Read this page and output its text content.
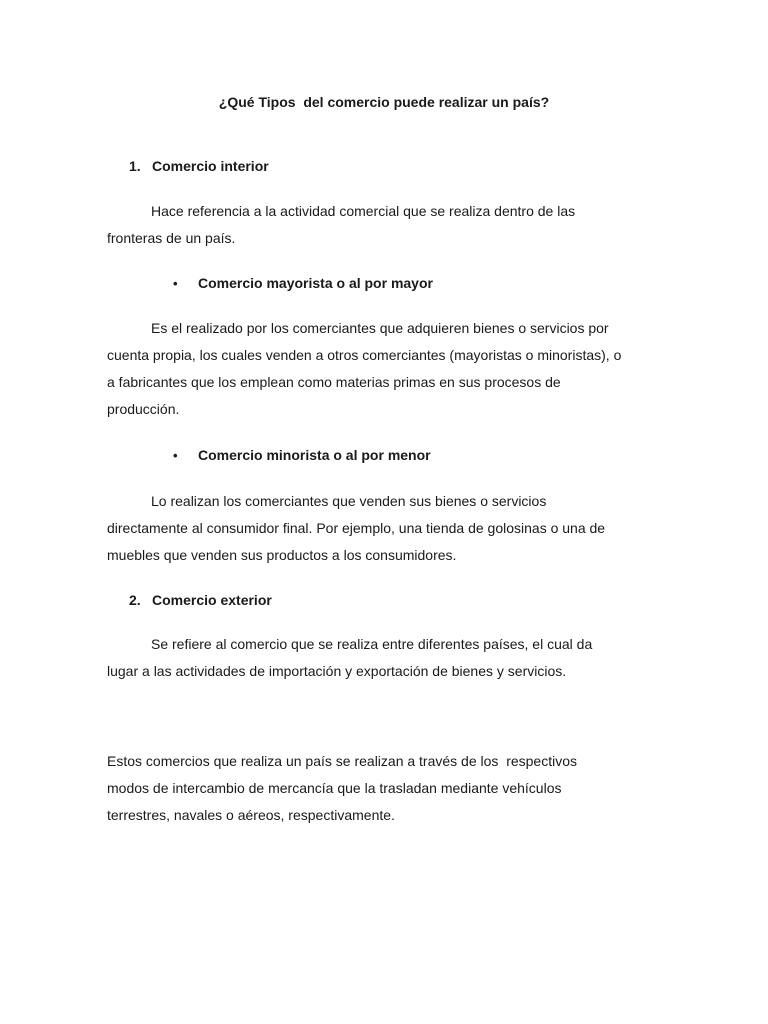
¿Qué Tipos  del comercio puede realizar un país?
1. Comercio interior
Hace referencia a la actividad comercial que se realiza dentro de las
fronteras de un país.
• Comercio mayorista o al por mayor
Es el realizado por los comerciantes que adquieren bienes o servicios por
cuenta propia, los cuales venden a otros comerciantes (mayoristas o minoristas), o
a fabricantes que los emplean como materias primas en sus procesos de
producción.
• Comercio minorista o al por menor
Lo realizan los comerciantes que venden sus bienes o servicios
directamente al consumidor final. Por ejemplo, una tienda de golosinas o una de
muebles que venden sus productos a los consumidores.
2. Comercio exterior
Se refiere al comercio que se realiza entre diferentes países, el cual da
lugar a las actividades de importación y exportación de bienes y servicios.
Estos comercios que realiza un país se realizan a través de los  respectivos
modos de intercambio de mercancía que la trasladan mediante vehículos
terrestres, navales o aéreos, respectivamente.
